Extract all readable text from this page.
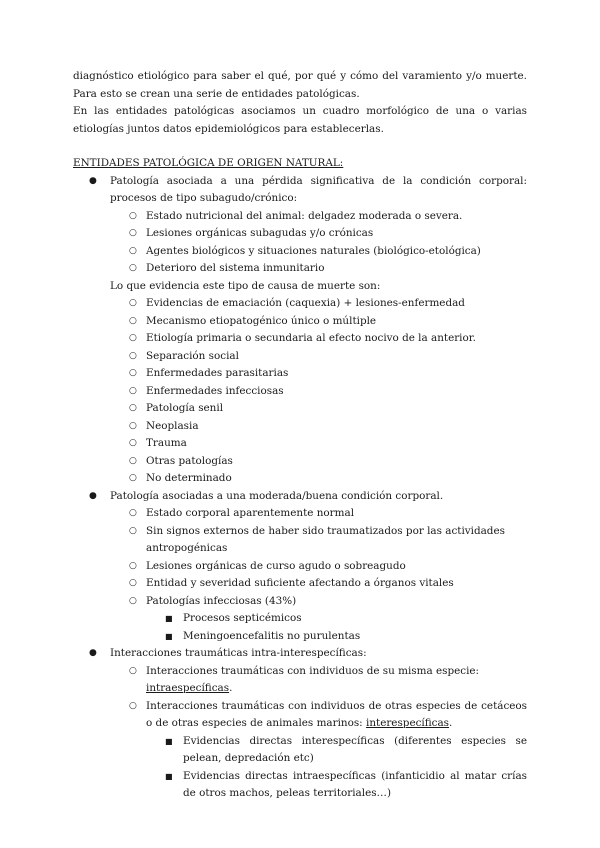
diagnóstico etiológico para saber el qué, por qué y cómo del varamiento y/o muerte. Para esto se crean una serie de entidades patológicas.

En las entidades patológicas asociamos un cuadro morfológico de una o varias etiologías juntos datos epidemiológicos para establecerlas.

ENTIDADES PATOLÓGICA DE ORIGEN NATURAL:

● Patología asociada a una pérdida significativa de la condición corporal: procesos de tipo subagudo/crónico:
○ Estado nutricional del animal: delgadez moderada o severa.
○ Lesiones orgánicas subagudas y/o crónicas
○ Agentes biológicos y situaciones naturales (biológico-etológica)
○ Deterioro del sistema inmunitario

Lo que evidencia este tipo de causa de muerte son:

○ Evidencias de emaciación (caquexia) + lesiones-enfermedad
○ Mecanismo etiopatogénico único o múltiple
○ Etiología primaria o secundaria al efecto nocivo de la anterior.
○ Separación social
○ Enfermedades parasitarias
○ Enfermedades infecciosas
○ Patología senil
○ Neoplasia
○ Trauma
○ Otras patologías
○ No determinado
● Patología asociadas a una moderada/buena condición corporal.
○ Estado corporal aparentemente normal
○ Sin signos externos de haber sido traumatizados por las actividades antropogénicas
○ Lesiones orgánicas de curso agudo o sobreagudo
○ Entidad y severidad suficiente afectando a órganos vitales
○ Patologías infecciosas (43%)
■ Procesos septicémicos
■ Meningoencefalitis no purulentas
● Interacciones traumáticas intra-interespecíficas:
○ Interacciones traumáticas con individuos de su misma especie: intraespecíficas.
○ Interacciones traumáticas con individuos de otras especies de cetáceos o de otras especies de animales marinos: interespecíficas.
■ Evidencias directas interespecíficas (diferentes especies se pelean, depredación etc)
■ Evidencias directas intraespecíficas (infanticidio al matar crías de otros machos, peleas territoriales…)
